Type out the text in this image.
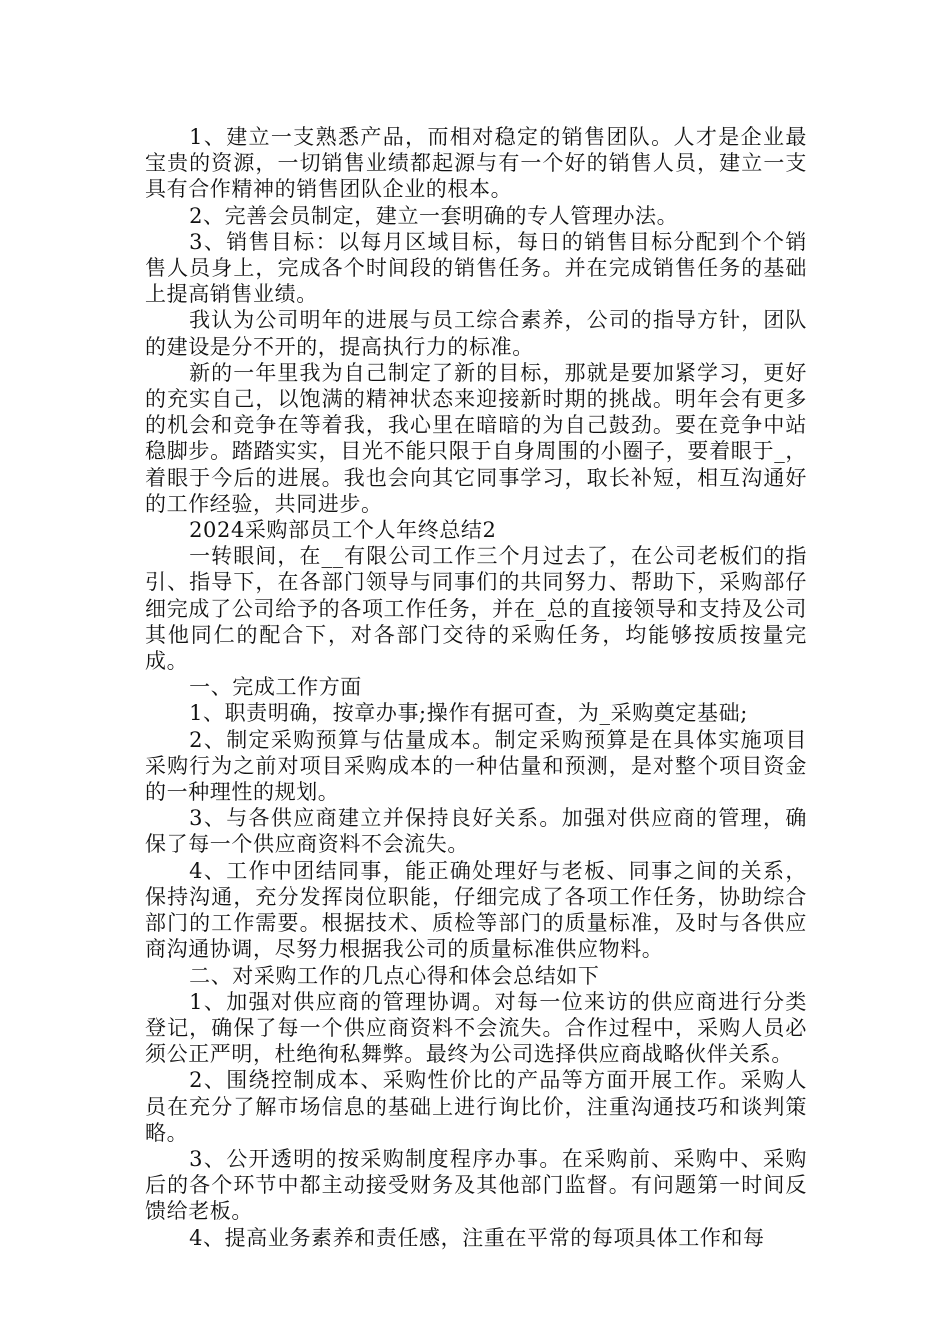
1、建立一支熟悉产品，而相对稳定的销售团队。人才是企业最宝贵的资源，一切销售业绩都起源与有一个好的销售人员，建立一支具有合作精神的销售团队企业的根本。

2、完善会员制定，建立一套明确的专人管理办法。

3、销售目标：以每月区域目标，每日的销售目标分配到个个销售人员身上，完成各个时间段的销售任务。并在完成销售任务的基础上提高销售业绩。

我认为公司明年的进展与员工综合素养，公司的指导方针，团队的建设是分不开的，提高执行力的标准。

新的一年里我为自己制定了新的目标，那就是要加紧学习，更好的充实自己，以饱满的精神状态来迎接新时期的挑战。明年会有更多的机会和竞争在等着我，我心里在暗暗的为自己鼓劲。要在竞争中站稳脚步。踏踏实实，目光不能只限于自身周围的小圈子，要着眼于_，着眼于今后的进展。我也会向其它同事学习，取长补短，相互沟通好的工作经验，共同进步。

2024采购部员工个人年终总结2

一转眼间，在__有限公司工作三个月过去了，在公司老板们的指引、指导下，在各部门领导与同事们的共同努力、帮助下，采购部仔细完成了公司给予的各项工作任务，并在_总的直接领导和支持及公司其他同仁的配合下，对各部门交待的采购任务，均能够按质按量完成。

一、完成工作方面

1、职责明确，按章办事;操作有据可查，为_采购奠定基础;

2、制定采购预算与估量成本。制定采购预算是在具体实施项目采购行为之前对项目采购成本的一种估量和预测，是对整个项目资金的一种理性的规划。

3、与各供应商建立并保持良好关系。加强对供应商的管理，确保了每一个供应商资料不会流失。

4、工作中团结同事，能正确处理好与老板、同事之间的关系，保持沟通，充分发挥岗位职能，仔细完成了各项工作任务，协助综合部门的工作需要。根据技术、质检等部门的质量标准，及时与各供应商沟通协调，尽努力根据我公司的质量标准供应物料。

二、对采购工作的几点心得和体会总结如下

1、加强对供应商的管理协调。对每一位来访的供应商进行分类登记，确保了每一个供应商资料不会流失。合作过程中，采购人员必须公正严明，杜绝徇私舞弊。最终为公司选择供应商战略伙伴关系。

2、围绕控制成本、采购性价比的产品等方面开展工作。采购人员在充分了解市场信息的基础上进行询比价，注重沟通技巧和谈判策略。

3、公开透明的按采购制度程序办事。在采购前、采购中、采购后的各个环节中都主动接受财务及其他部门监督。有问题第一时间反馈给老板。

4、提高业务素养和责任感，注重在平常的每项具体工作和每
